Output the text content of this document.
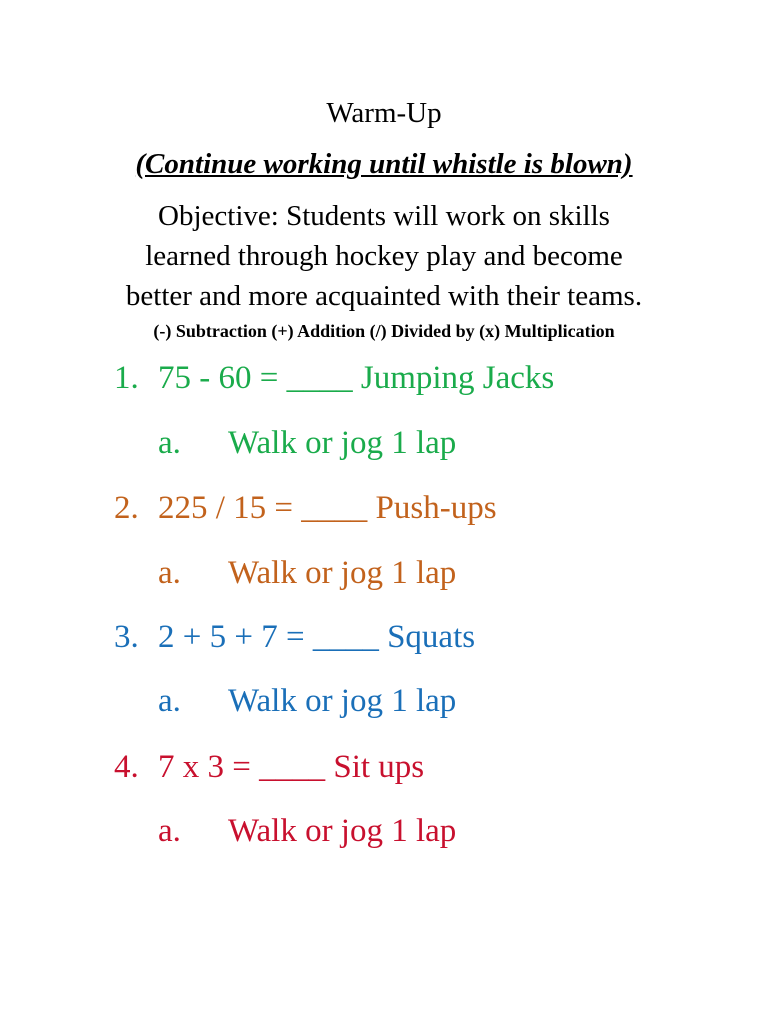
Warm-Up
(Continue working until whistle is blown)
Objective: Students will work on skills
learned through hockey play and become
better and more acquainted with their teams.
(-) Subtraction (+) Addition (/) Divided by (x) Multiplication
1. 75 - 60 = ____ Jumping Jacks
a. Walk or jog 1 lap
2. 225 / 15 = ____ Push-ups
a. Walk or jog 1 lap
3. 2 + 5 + 7 = ____ Squats
a. Walk or jog 1 lap
4. 7 x 3 = ____ Sit ups
a. Walk or jog 1 lap
